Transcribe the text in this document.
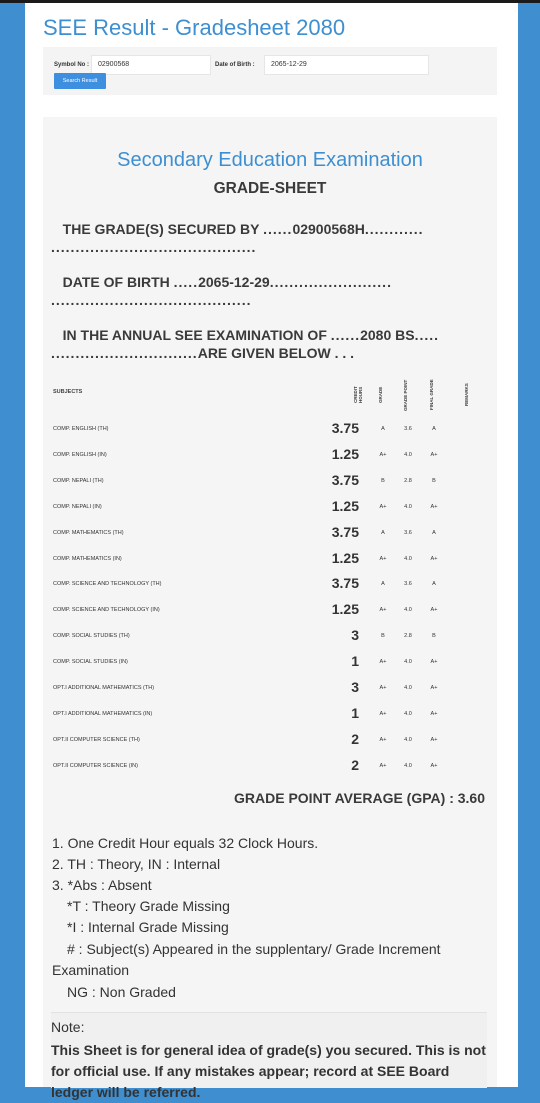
SEE Result - Gradesheet 2080
Symbol No :	02900568	Date of Birth :	2065-12-29
Search Result
Secondary Education Examination
GRADE-SHEET
THE GRADE(S) SECURED BY ......02900568H............
..........................................
DATE OF BIRTH .....2065-12-29.........................
.........................................
IN THE ANNUAL SEE EXAMINATION OF ......2080 BS.....
..............................ARE GIVEN BELOW . . .
SUBJECTS	CREDIT HOURS	GRADE	GRADE POINT	FINAL GRADE	REMARKS
COMP. ENGLISH (TH)	3.75	A	3.6	A
COMP. ENGLISH (IN)	1.25	A+	4.0	A+
COMP. NEPALI (TH)	3.75	B	2.8	B
COMP. NEPALI (IN)	1.25	A+	4.0	A+
COMP. MATHEMATICS (TH)	3.75	A	3.6	A
COMP. MATHEMATICS (IN)	1.25	A+	4.0	A+
COMP. SCIENCE AND TECHNOLOGY (TH)	3.75	A	3.6	A
COMP. SCIENCE AND TECHNOLOGY (IN)	1.25	A+	4.0	A+
COMP. SOCIAL STUDIES (TH)	3	B	2.8	B
COMP. SOCIAL STUDIES (IN)	1	A+	4.0	A+
OPT.I ADDITIONAL MATHEMATICS (TH)	3	A+	4.0	A+
OPT.I ADDITIONAL MATHEMATICS (IN)	1	A+	4.0	A+
OPT.II COMPUTER SCIENCE (TH)	2	A+	4.0	A+
OPT.II COMPUTER SCIENCE (IN)	2	A+	4.0	A+
GRADE POINT AVERAGE (GPA) : 3.60
1. One Credit Hour equals 32 Clock Hours.
2. TH : Theory, IN : Internal
3. *Abs : Absent
*T : Theory Grade Missing
*I : Internal Grade Missing
# : Subject(s) Appeared in the supplentary/ Grade Increment
Examination
NG : Non Graded
Note:
This Sheet is for general idea of grade(s) you secured. This is not for official use. If any mistakes appear; record at SEE Board ledger will be referred.
